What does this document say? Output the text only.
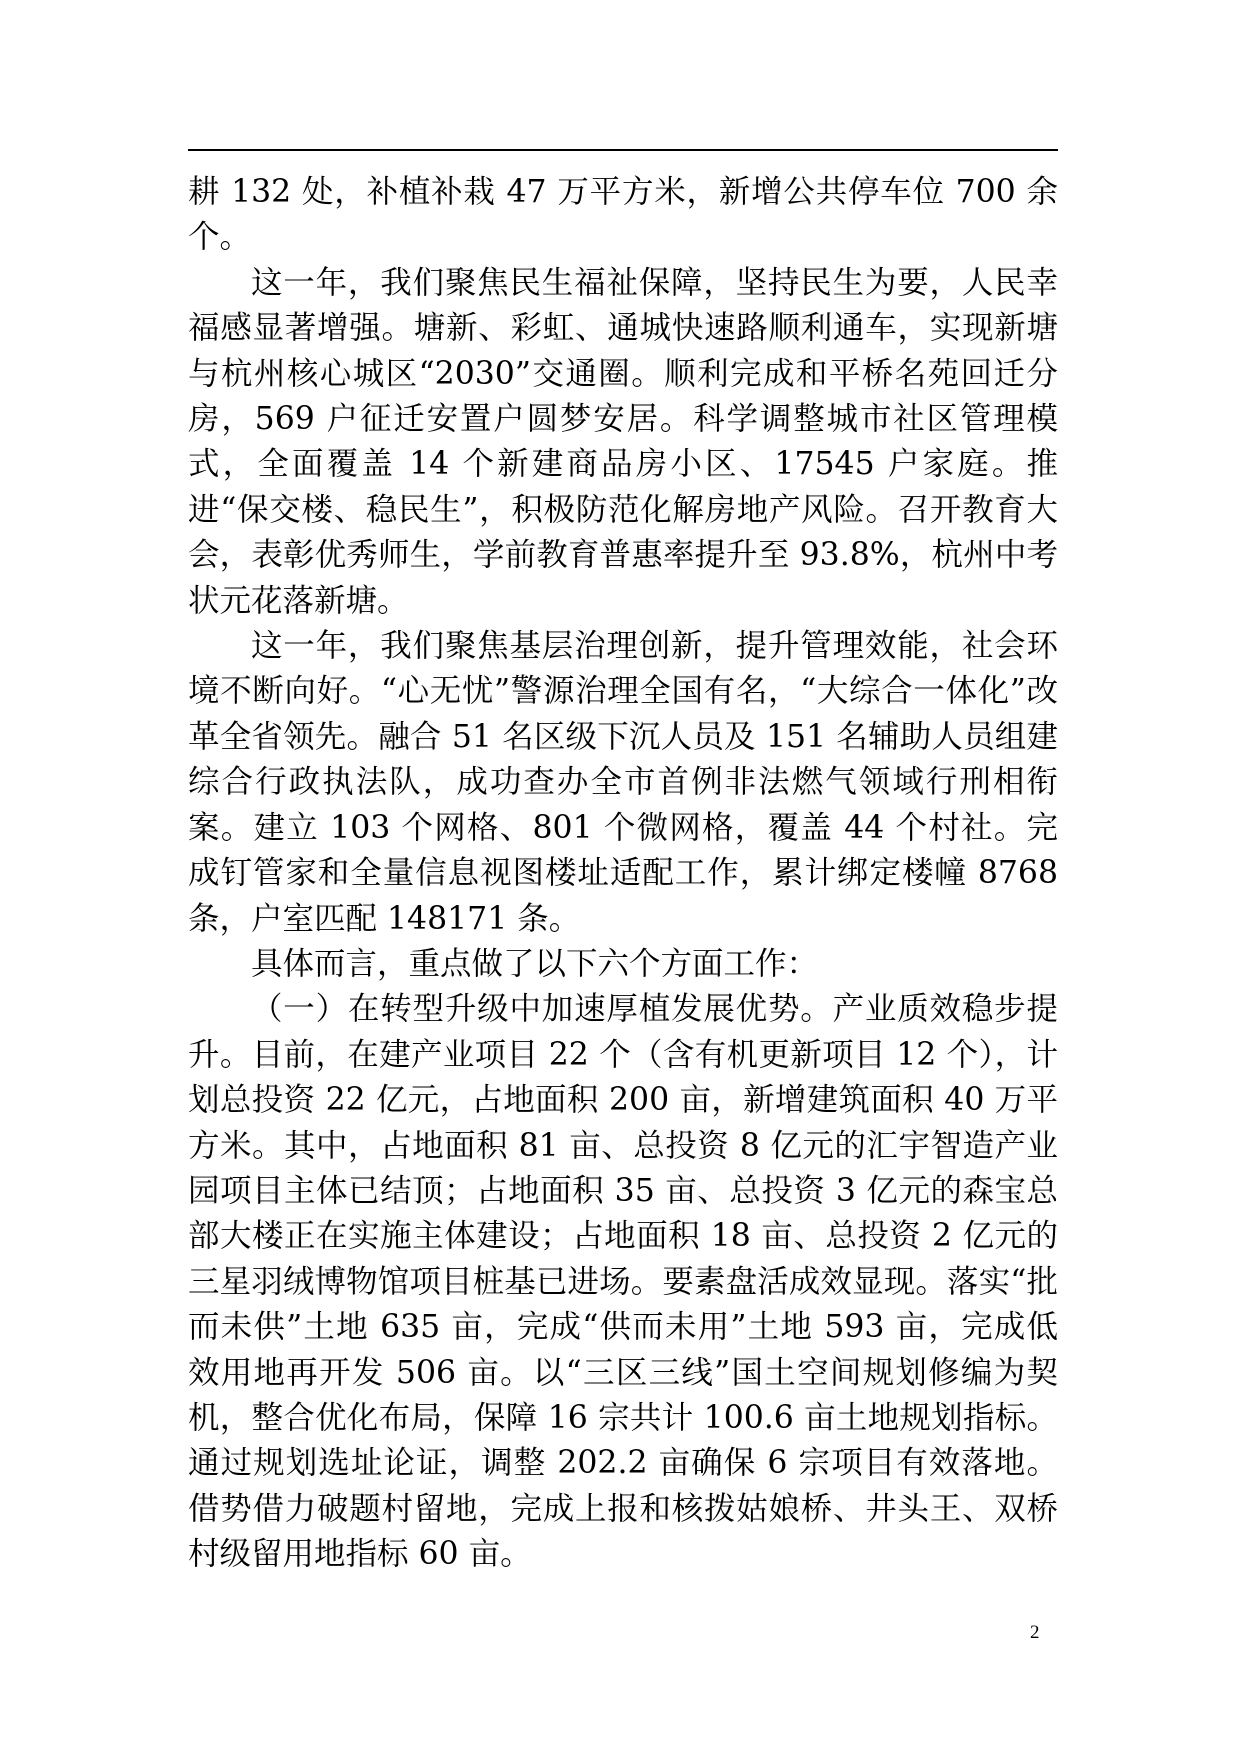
耕 132 处，补植补栽 47 万平方米，新增公共停车位 700 余个。

这一年，我们聚焦民生福祉保障，坚持民生为要，人民幸福感显著增强。塘新、彩虹、通城快速路顺利通车，实现新塘与杭州核心城区“2030”交通圈。顺利完成和平桥名苑回迁分房，569 户征迁安置户圆梦安居。科学调整城市社区管理模式，全面覆盖 14 个新建商品房小区、17545 户家庭。推进“保交楼、稳民生”，积极防范化解房地产风险。召开教育大会，表彰优秀师生，学前教育普惠率提升至 93.8%，杭州中考状元花落新塘。

这一年，我们聚焦基层治理创新，提升管理效能，社会环境不断向好。“心无忧”警源治理全国有名，“大综合一体化”改革全省领先。融合 51 名区级下沉人员及 151 名辅助人员组建综合行政执法队，成功查办全市首例非法燃气领域行刑相衔案。建立 103 个网格、801 个微网格，覆盖 44 个村社。完成钉管家和全量信息视图楼址适配工作，累计绑定楼幢 8768 条，户室匹配 148171 条。

具体而言，重点做了以下六个方面工作：

（一）在转型升级中加速厚植发展优势。产业质效稳步提升。目前，在建产业项目 22 个（含有机更新项目 12 个），计划总投资 22 亿元，占地面积 200 亩，新增建筑面积 40 万平方米。其中，占地面积 81 亩、总投资 8 亿元的汇宇智造产业园项目主体已结顶；占地面积 35 亩、总投资 3 亿元的森宝总部大楼正在实施主体建设；占地面积 18 亩、总投资 2 亿元的三星羽绒博物馆项目桩基已进场。要素盘活成效显现。落实“批而未供”土地 635 亩，完成“供而未用”土地 593 亩，完成低效用地再开发 506 亩。以“三区三线”国土空间规划修编为契机，整合优化布局，保障 16 宗共计 100.6 亩土地规划指标。通过规划选址论证，调整 202.2 亩确保 6 宗项目有效落地。借势借力破题村留地，完成上报和核拨姑娘桥、井头王、双桥村级留用地指标 60 亩。

2
